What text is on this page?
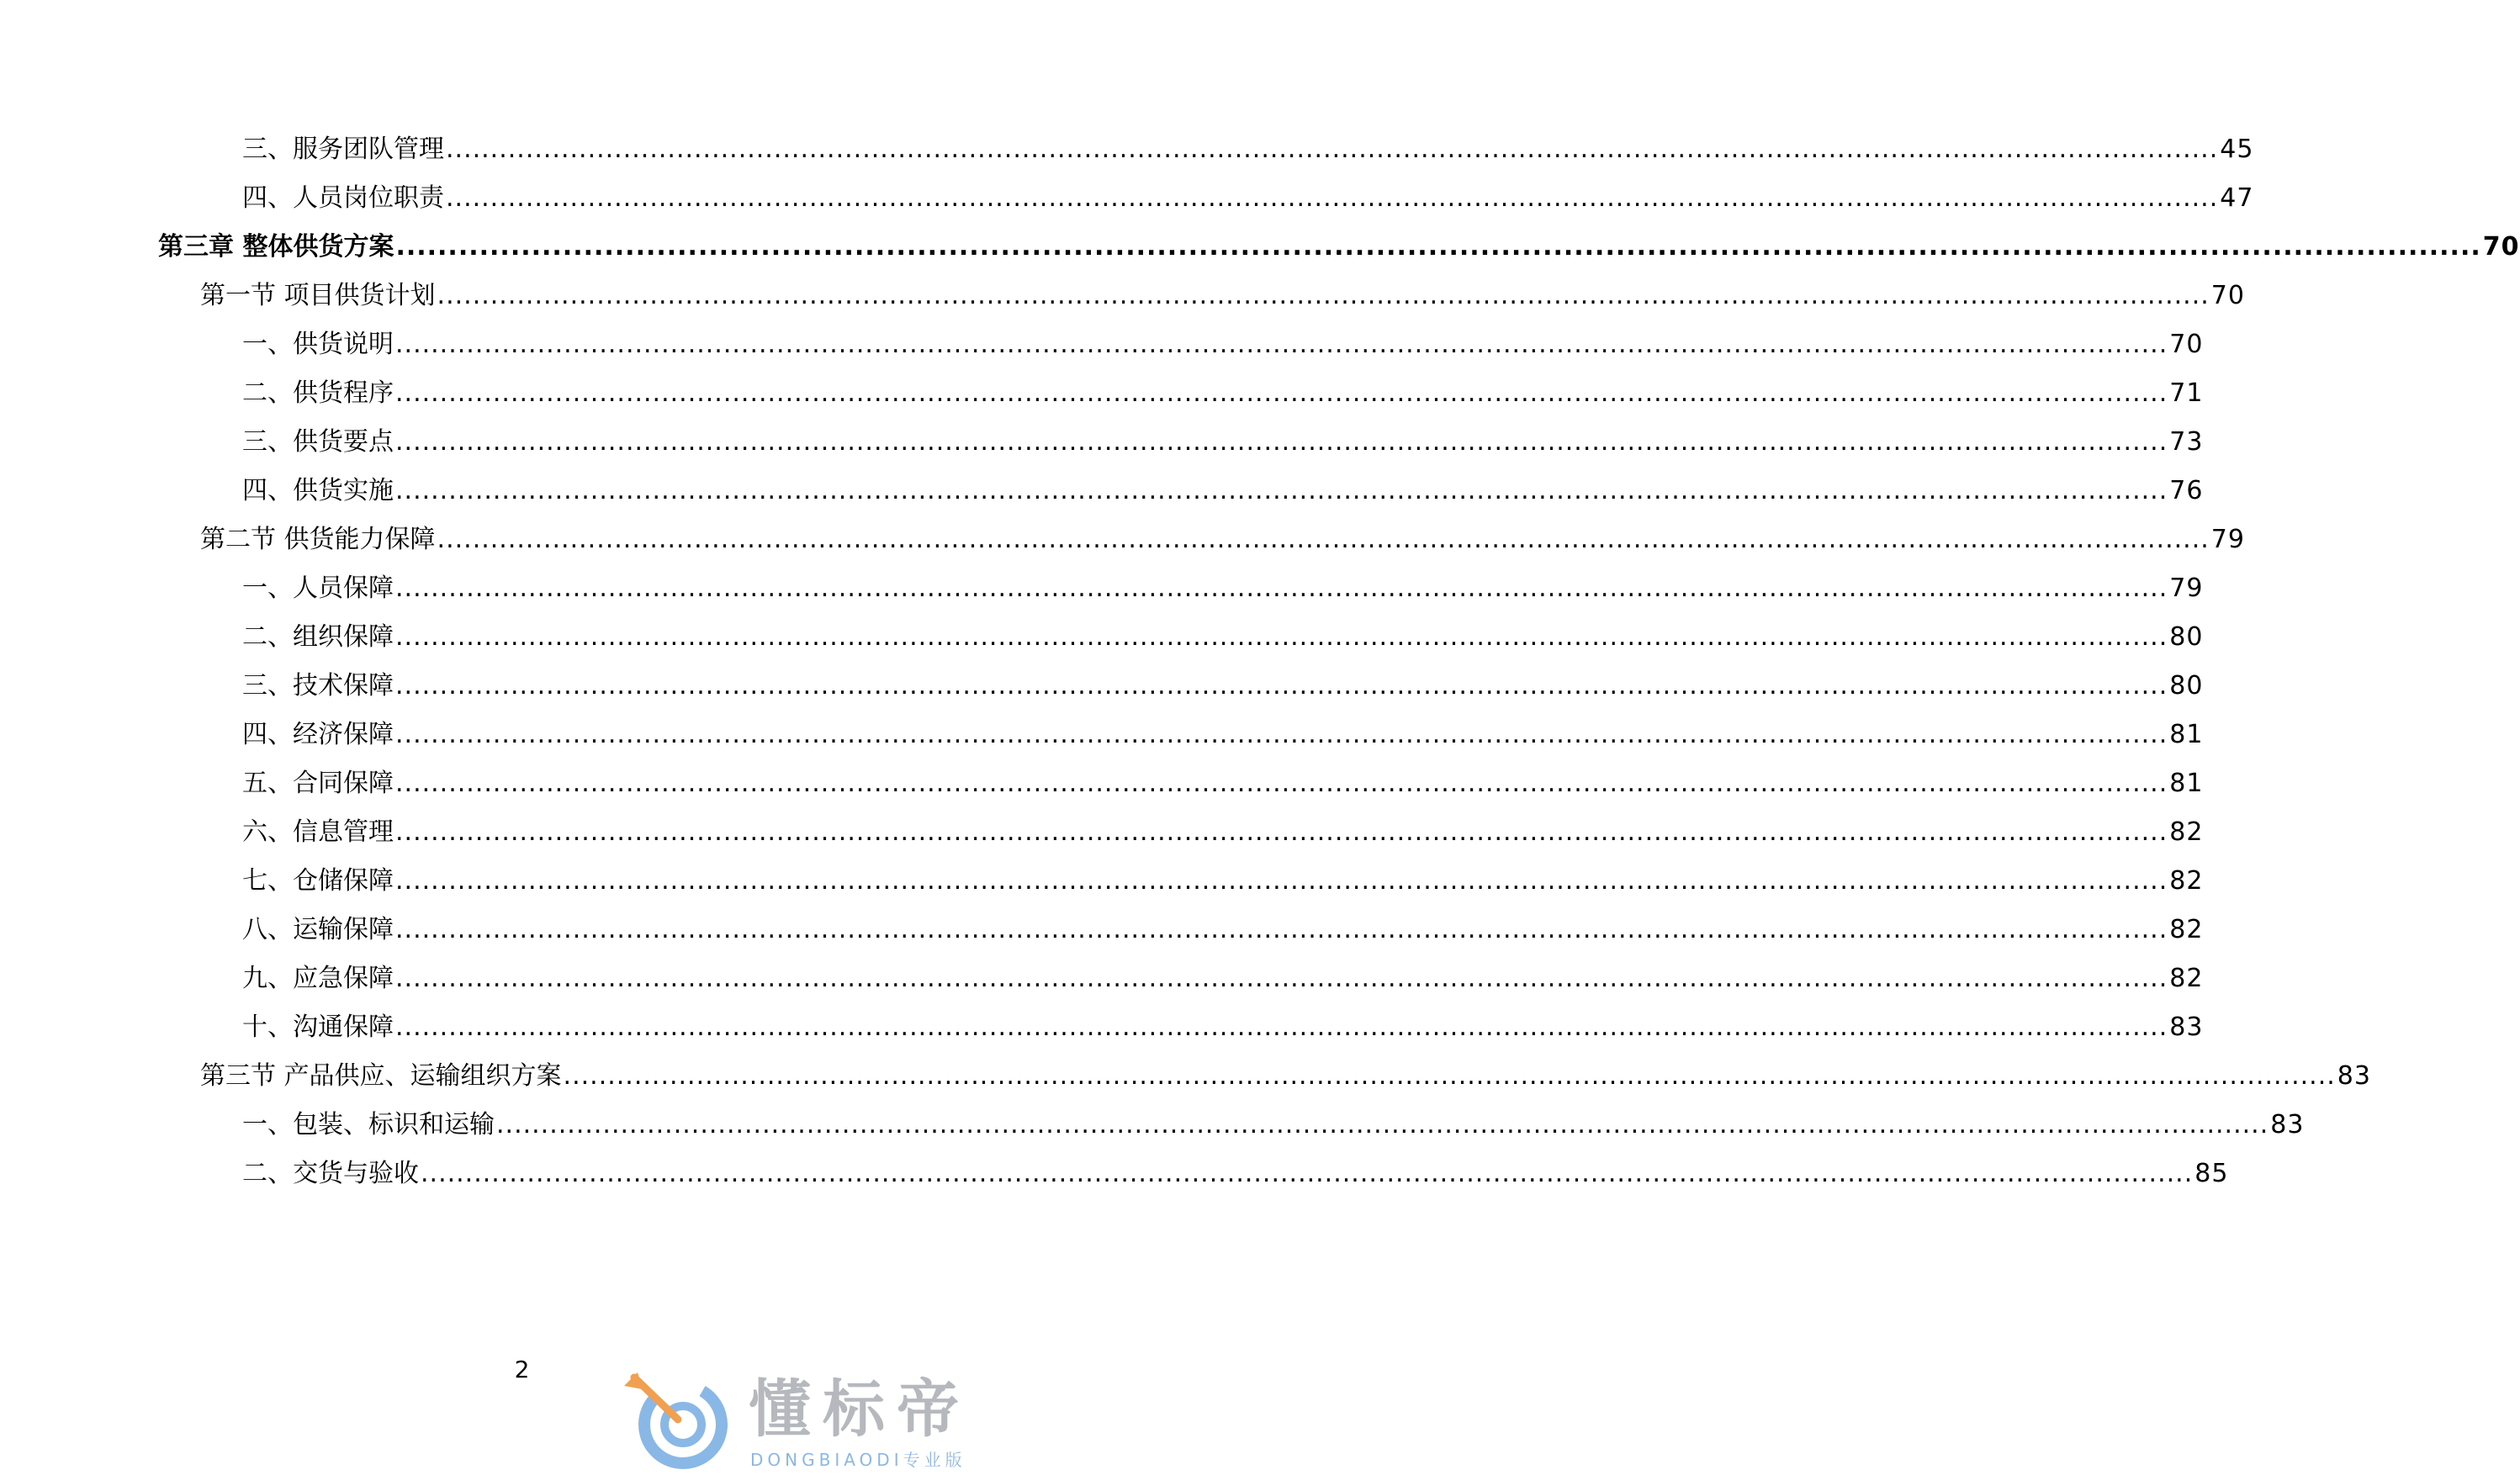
三、服务团队管理 ........................................................................................................................................................................................................ 45
四、人员岗位职责 ........................................................................................................................................................................................................ 47
第三章 整体供货方案 ........................................................................................................................................................................................................ 70
第一节 项目供货计划 ........................................................................................................................................................................................................ 70
一、供货说明 ........................................................................................................................................................................................................ 70
二、供货程序 ........................................................................................................................................................................................................ 71
三、供货要点 ........................................................................................................................................................................................................ 73
四、供货实施 ........................................................................................................................................................................................................ 76
第二节 供货能力保障 ........................................................................................................................................................................................................ 79
一、人员保障 ........................................................................................................................................................................................................ 79
二、组织保障 ........................................................................................................................................................................................................ 80
三、技术保障 ........................................................................................................................................................................................................ 80
四、经济保障 ........................................................................................................................................................................................................ 81
五、合同保障 ........................................................................................................................................................................................................ 81
六、信息管理 ........................................................................................................................................................................................................ 82
七、仓储保障 ........................................................................................................................................................................................................ 82
八、运输保障 ........................................................................................................................................................................................................ 82
九、应急保障 ........................................................................................................................................................................................................ 82
十、沟通保障 ........................................................................................................................................................................................................ 83
第三节 产品供应、运输组织方案 ........................................................................................................................................................................................................ 83
一、包装、标识和运输 ........................................................................................................................................................................................................ 83
二、交货与验收 ........................................................................................................................................................................................................ 85
2
懂标帝
DONGBIAODI专业版
